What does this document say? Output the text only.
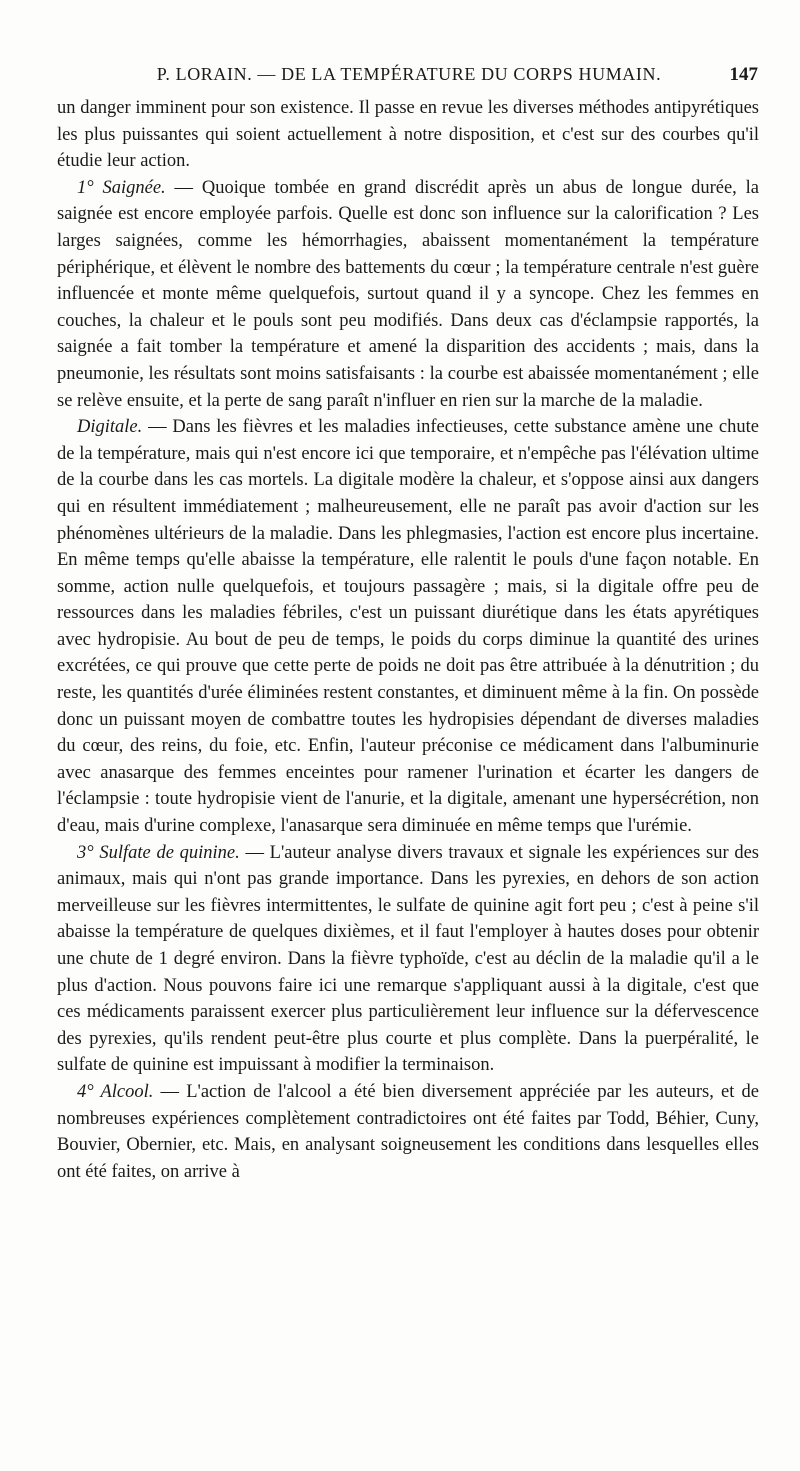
P. LORAIN. — DE LA TEMPÉRATURE DU CORPS HUMAIN.	147

un danger imminent pour son existence. Il passe en revue les diverses méthodes antipyrétiques les plus puissantes qui soient actuellement à notre disposition, et c'est sur des courbes qu'il étudie leur action.

1° Saignée. — Quoique tombée en grand discrédit après un abus de longue durée, la saignée est encore employée parfois. Quelle est donc son influence sur la calorification ? Les larges saignées, comme les hémorrhagies, abaissent momentanément la température périphérique, et élèvent le nombre des battements du cœur ; la température centrale n'est guère influencée et monte même quelquefois, surtout quand il y a syncope. Chez les femmes en couches, la chaleur et le pouls sont peu modifiés. Dans deux cas d'éclampsie rapportés, la saignée a fait tomber la température et amené la disparition des accidents ; mais, dans la pneumonie, les résultats sont moins satisfaisants : la courbe est abaissée momentanément ; elle se relève ensuite, et la perte de sang paraît n'influer en rien sur la marche de la maladie.

Digitale. — Dans les fièvres et les maladies infectieuses, cette substance amène une chute de la température, mais qui n'est encore ici que temporaire, et n'empêche pas l'élévation ultime de la courbe dans les cas mortels. La digitale modère la chaleur, et s'oppose ainsi aux dangers qui en résultent immédiatement ; malheureusement, elle ne paraît pas avoir d'action sur les phénomènes ultérieurs de la maladie. Dans les phlegmasies, l'action est encore plus incertaine. En même temps qu'elle abaisse la température, elle ralentit le pouls d'une façon notable. En somme, action nulle quelquefois, et toujours passagère ; mais, si la digitale offre peu de ressources dans les maladies fébriles, c'est un puissant diurétique dans les états apyrétiques avec hydropisie. Au bout de peu de temps, le poids du corps diminue la quantité des urines excrétées, ce qui prouve que cette perte de poids ne doit pas être attribuée à la dénutrition ; du reste, les quantités d'urée éliminées restent constantes, et diminuent même à la fin. On possède donc un puissant moyen de combattre toutes les hydropisies dépendant de diverses maladies du cœur, des reins, du foie, etc. Enfin, l'auteur préconise ce médicament dans l'albuminurie avec anasarque des femmes enceintes pour ramener l'urination et écarter les dangers de l'éclampsie : toute hydropisie vient de l'anurie, et la digitale, amenant une hypersécrétion, non d'eau, mais d'urine complexe, l'anasarque sera diminuée en même temps que l'urémie.

3° Sulfate de quinine. — L'auteur analyse divers travaux et signale les expériences sur des animaux, mais qui n'ont pas grande importance. Dans les pyrexies, en dehors de son action merveilleuse sur les fièvres intermittentes, le sulfate de quinine agit fort peu ; c'est à peine s'il abaisse la température de quelques dixièmes, et il faut l'employer à hautes doses pour obtenir une chute de 1 degré environ. Dans la fièvre typhoïde, c'est au déclin de la maladie qu'il a le plus d'action. Nous pouvons faire ici une remarque s'appliquant aussi à la digitale, c'est que ces médicaments paraissent exercer plus particulièrement leur influence sur la défervescence des pyrexies, qu'ils rendent peut-être plus courte et plus complète. Dans la puerpéralité, le sulfate de quinine est impuissant à modifier la terminaison.

4° Alcool. — L'action de l'alcool a été bien diversement appréciée par les auteurs, et de nombreuses expériences complètement contradictoires ont été faites par Todd, Béhier, Cuny, Bouvier, Obernier, etc. Mais, en analysant soigneusement les conditions dans lesquelles elles ont été faites, on arrive à
